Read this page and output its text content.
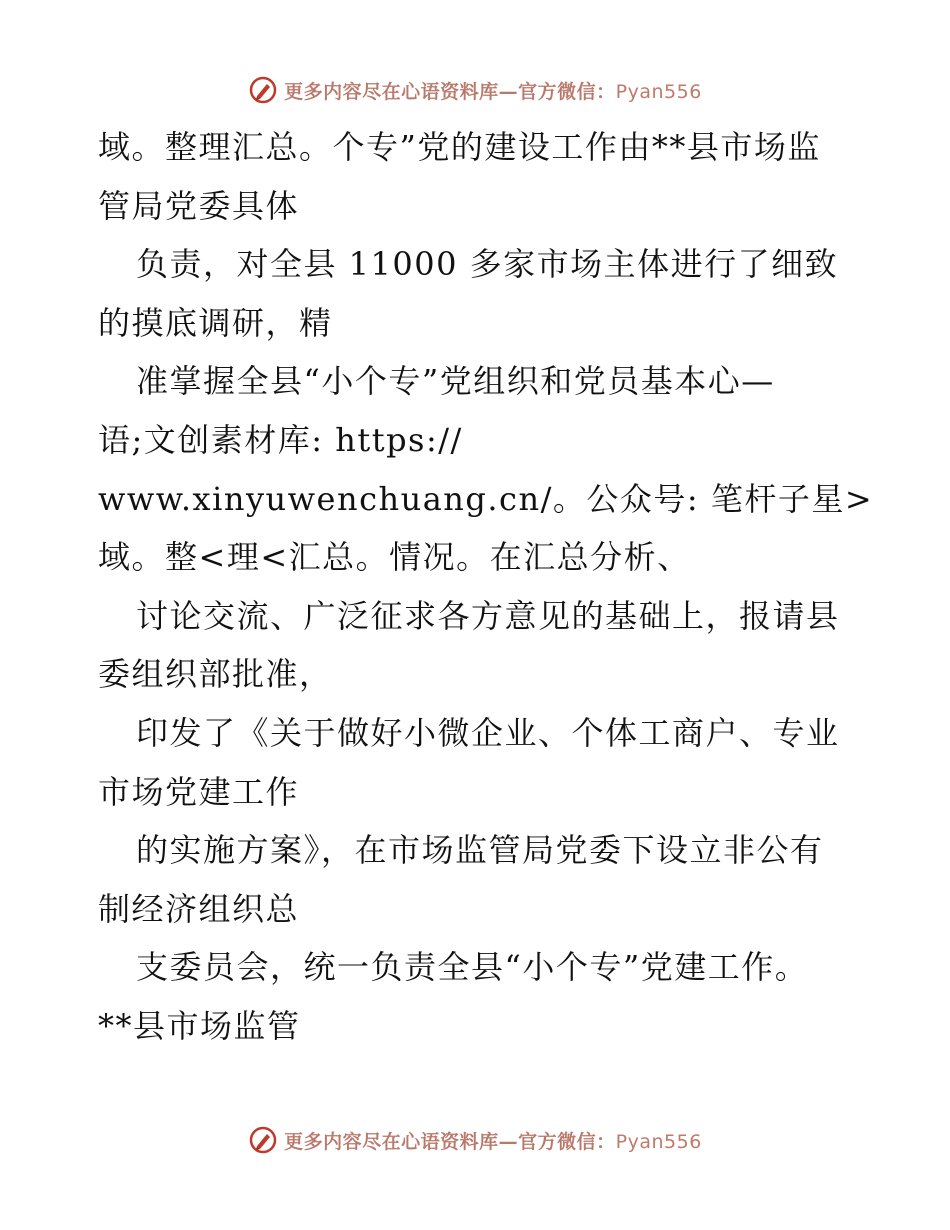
更多内容尽在心语资料库—官方微信：Pyan556
域。整理汇总。个专”党的建设工作由**县市场监
管局党委具体
负责，对全县 11000 多家市场主体进行了细致
的摸底调研，精
准掌握全县“小个专”党组织和党员基本心—
语;文创素材库: https://
www.xinyuwenchuang.cn/。公众号: 笔杆子星>
域。整<理<汇总。情况。在汇总分析、
讨论交流、广泛征求各方意见的基础上，报请县
委组织部批准，
印发了《关于做好小微企业、个体工商户、专业
市场党建工作
的实施方案》，在市场监管局党委下设立非公有
制经济组织总
支委员会，统一负责全县“小个专”党建工作。
**县市场监管
更多内容尽在心语资料库—官方微信：Pyan556
